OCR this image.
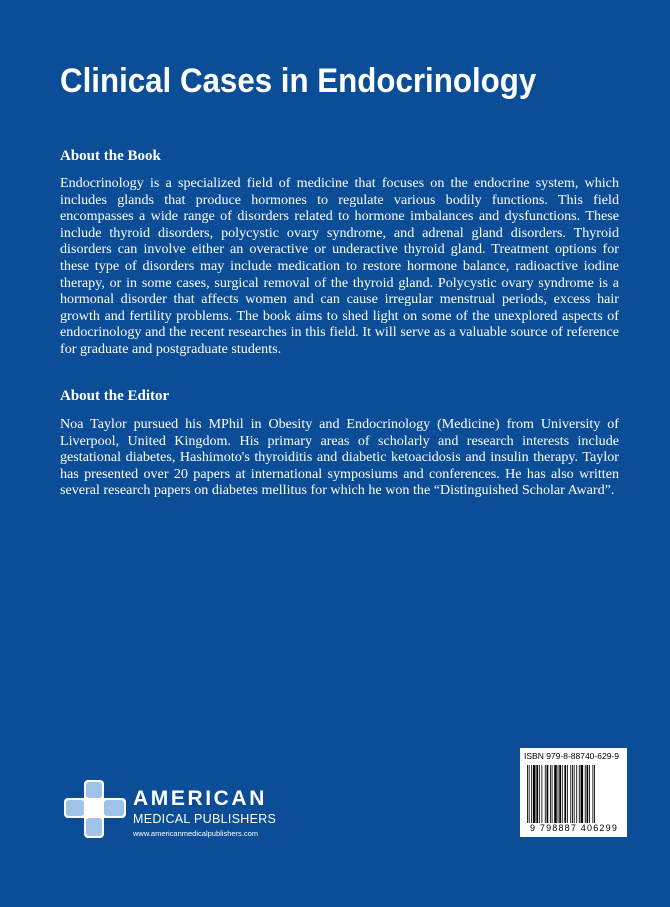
Clinical Cases in Endocrinology
About the Book

Endocrinology is a specialized field of medicine that focuses on the endocrine system, which includes glands that produce hormones to regulate various bodily functions. This field encompasses a wide range of disorders related to hormone imbalances and dysfunctions. These include thyroid disorders, polycystic ovary syndrome, and adrenal gland disorders. Thyroid disorders can involve either an overactive or underactive thyroid gland. Treatment options for these type of disorders may include medication to restore hormone balance, radioactive iodine therapy, or in some cases, surgical removal of the thyroid gland. Polycystic ovary syndrome is a hormonal disorder that affects women and can cause irregular menstrual periods, excess hair growth and fertility problems. The book aims to shed light on some of the unexplored aspects of endocrinology and the recent researches in this field. It will serve as a valuable source of reference for graduate and postgraduate students.

About the Editor

Noa Taylor pursued his MPhil in Obesity and Endocrinology (Medicine) from University of Liverpool, United Kingdom. His primary areas of scholarly and research interests include gestational diabetes, Hashimoto's thyroiditis and diabetic ketoacidosis and insulin therapy. Taylor has presented over 20 papers at international symposiums and conferences. He has also written several research papers on diabetes mellitus for which he won the “Distinguished Scholar Award”.

AMERICAN
MEDICAL PUBLISHERS
www.americanmedicalpublishers.com
ISBN 979-8-88740-629-9
9 798887 406299
